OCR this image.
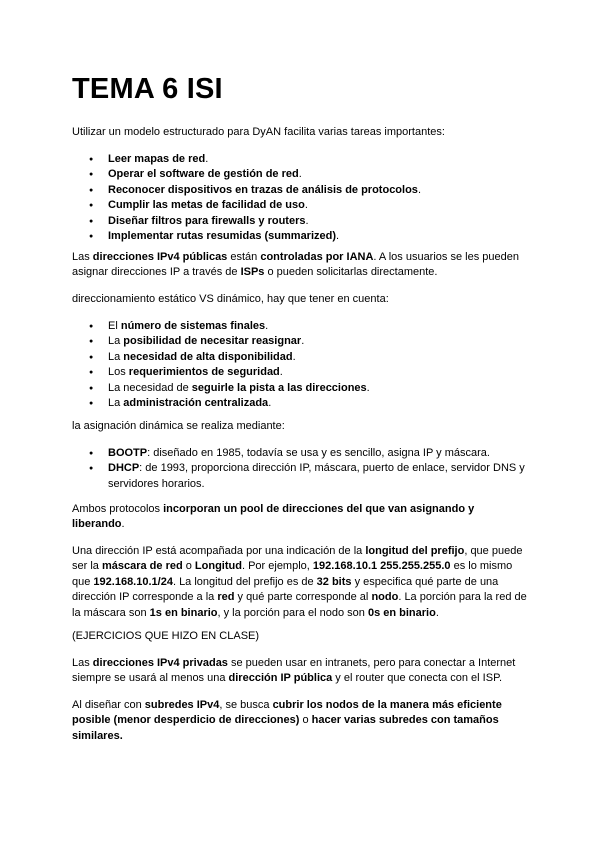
TEMA 6 ISI

Utilizar un modelo estructurado para DyAN facilita varias tareas importantes:

● Leer mapas de red.
● Operar el software de gestión de red.
● Reconocer dispositivos en trazas de análisis de protocolos.
● Cumplir las metas de facilidad de uso.
● Diseñar filtros para firewalls y routers.
● Implementar rutas resumidas (summarized).

Las direcciones IPv4 públicas están controladas por IANA. A los usuarios se les pueden asignar direcciones IP a través de ISPs o pueden solicitarlas directamente.

direccionamiento estático VS dinámico, hay que tener en cuenta:

● El número de sistemas finales.
● La posibilidad de necesitar reasignar.
● La necesidad de alta disponibilidad.
● Los requerimientos de seguridad.
● La necesidad de seguirle la pista a las direcciones.
● La administración centralizada.

la asignación dinámica se realiza mediante:

● BOOTP: diseñado en 1985, todavía se usa y es sencillo, asigna IP y máscara.
● DHCP: de 1993, proporciona dirección IP, máscara, puerto de enlace, servidor DNS y servidores horarios.

Ambos protocolos incorporan un pool de direcciones del que van asignando y liberando.

Una dirección IP está acompañada por una indicación de la longitud del prefijo, que puede ser la máscara de red o Longitud. Por ejemplo, 192.168.10.1 255.255.255.0 es lo mismo que 192.168.10.1/24. La longitud del prefijo es de 32 bits y especifica qué parte de una dirección IP corresponde a la red y qué parte corresponde al nodo. La porción para la red de la máscara son 1s en binario, y la porción para el nodo son 0s en binario.

(EJERCICIOS QUE HIZO EN CLASE)

Las direcciones IPv4 privadas se pueden usar en intranets, pero para conectar a Internet siempre se usará al menos una dirección IP pública y el router que conecta con el ISP.

Al diseñar con subredes IPv4, se busca cubrir los nodos de la manera más eficiente posible (menor desperdicio de direcciones) o hacer varias subredes con tamaños similares.
